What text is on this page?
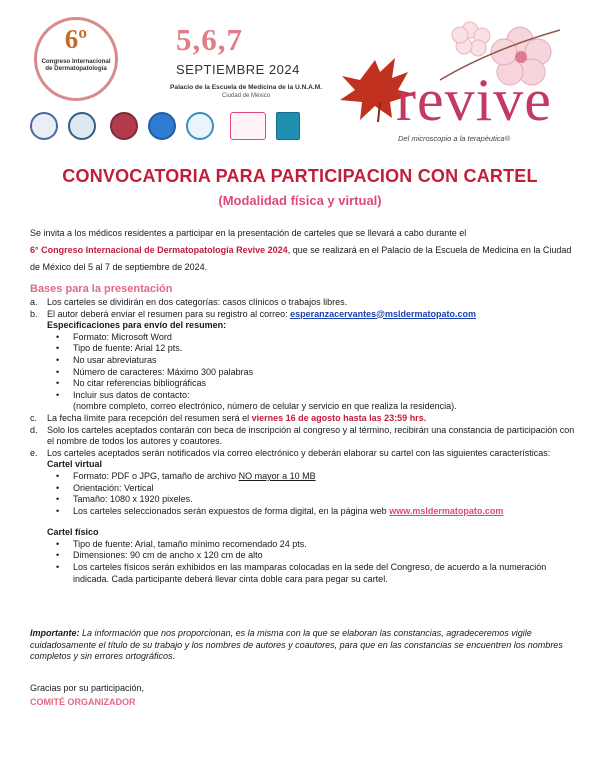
6º
Congreso Internacional de Dermatopatología
5,6,7
SEPTIEMBRE 2024
Palacio de la Escuela de Medicina de la U.N.A.M.
Ciudad de México revive
Del microscopio a la terapéutica®
CONVOCATORIA PARA PARTICIPACION CON CARTEL
(Modalidad física y virtual)
Se invita a los médicos residentes a participar en la presentación de carteles que se llevará a cabo durante el
6° Congreso Internacional de Dermatopatología Revive 2024, que se realizará en el Palacio de la Escuela de Medicina en la Ciudad de México del 5 al 7 de septiembre de 2024.
Bases para la presentación
a.	Los carteles se dividirán en dos categorías: casos clínicos o trabajos libres.
b.	El autor deberá enviar el resumen para su registro al correo: esperanzacervantes@msldermatopato.com
Especificaciones para envío del resumen:
•	Formato: Microsoft Word
•	Tipo de fuente: Arial 12 pts.
•	No usar abreviaturas
•	Número de caracteres: Máximo 300 palabras
•	No citar referencias bibliográficas
•	Incluir sus datos de contacto:
(nombre completo, correo electrónico, número de celular y servicio en que realiza la residencia).
c.	La fecha límite para recepción del resumen será el viernes 16 de agosto hasta las 23:59 hrs.
d.	Solo los carteles aceptados contarán con beca de inscripción al congreso y al término, recibirán una constancia de participación con el nombre de todos los autores y coautores.
e.	Los carteles aceptados serán notificados vía correo electrónico y deberán elaborar su cartel con las siguientes características:
Cartel virtual
•	Formato: PDF o JPG, tamaño de archivo NO mayor a 10 MB
•	Orientación: Vertical
•	Tamaño: 1080 x 1920 pixeles.
•	Los carteles seleccionados serán expuestos de forma digital, en la página web www.msldermatopato.com
Cartel físico
•	Tipo de fuente: Arial, tamaño mínimo recomendado 24 pts.
•	Dimensiones: 90 cm de ancho x 120 cm de alto
•	Los carteles físicos serán exhibidos en las mamparas colocadas en la sede del Congreso, de acuerdo a la numeración indicada. Cada participante deberá llevar cinta doble cara para pegar su cartel.
Importante: La información que nos proporcionan, es la misma con la que se elaboran las constancias, agradeceremos vigile cuidadosamente el título de su trabajo y los nombres de autores y coautores, para que en las constancias se encuentren los nombres completos y sin errores ortográficos.
Gracias por su participación,
COMITÉ ORGANIZADOR
